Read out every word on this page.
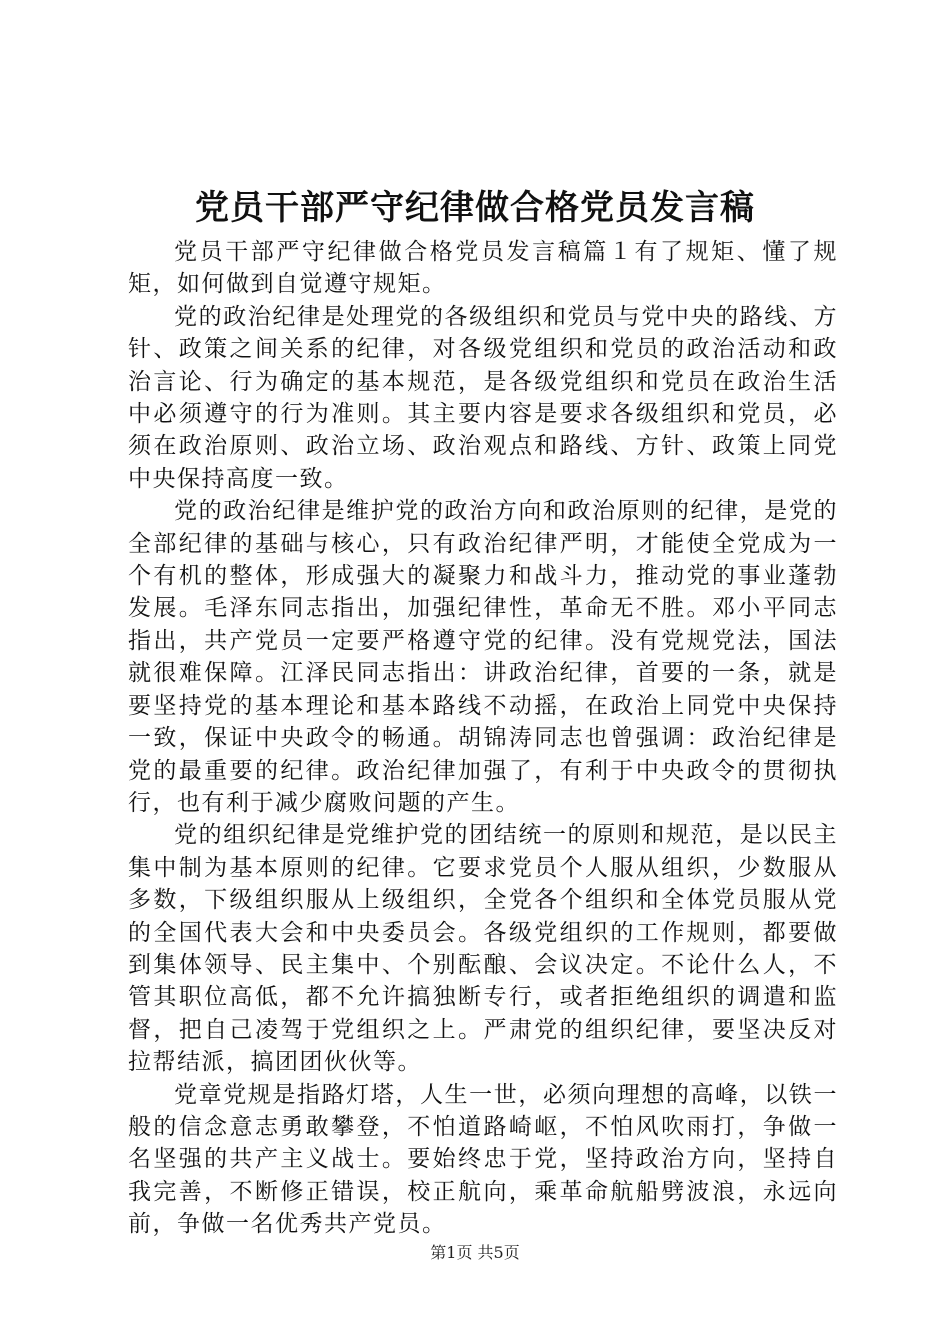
党员干部严守纪律做合格党员发言稿

党员干部严守纪律做合格党员发言稿篇１有了规矩、懂了规矩，如何做到自觉遵守规矩。

党的政治纪律是处理党的各级组织和党员与党中央的路线、方针、政策之间关系的纪律，对各级党组织和党员的政治活动和政治言论、行为确定的基本规范，是各级党组织和党员在政治生活中必须遵守的行为准则。其主要内容是要求各级组织和党员，必须在政治原则、政治立场、政治观点和路线、方针、政策上同党中央保持高度一致。

党的政治纪律是维护党的政治方向和政治原则的纪律，是党的全部纪律的基础与核心，只有政治纪律严明，才能使全党成为一个有机的整体，形成强大的凝聚力和战斗力，推动党的事业蓬勃发展。毛泽东同志指出，加强纪律性，革命无不胜。邓小平同志指出，共产党员一定要严格遵守党的纪律。没有党规党法，国法就很难保障。江泽民同志指出：讲政治纪律，首要的一条，就是要坚持党的基本理论和基本路线不动摇，在政治上同党中央保持一致，保证中央政令的畅通。胡锦涛同志也曾强调：政治纪律是党的最重要的纪律。政治纪律加强了，有利于中央政令的贯彻执行，也有利于减少腐败问题的产生。

党的组织纪律是党维护党的团结统一的原则和规范，是以民主集中制为基本原则的纪律。它要求党员个人服从组织，少数服从多数，下级组织服从上级组织，全党各个组织和全体党员服从党的全国代表大会和中央委员会。各级党组织的工作规则，都要做到集体领导、民主集中、个别酝酿、会议决定。不论什么人，不管其职位高低，都不允许搞独断专行，或者拒绝组织的调遣和监督，把自己凌驾于党组织之上。严肃党的组织纪律，要坚决反对拉帮结派，搞团团伙伙等。

党章党规是指路灯塔，人生一世，必须向理想的高峰，以铁一般的信念意志勇敢攀登，不怕道路崎岖，不怕风吹雨打，争做一名坚强的共产主义战士。要始终忠于党，坚持政治方向，坚持自我完善，不断修正错误，校正航向，乘革命航船劈波浪，永远向前，争做一名优秀共产党员。

第1页 共5页
